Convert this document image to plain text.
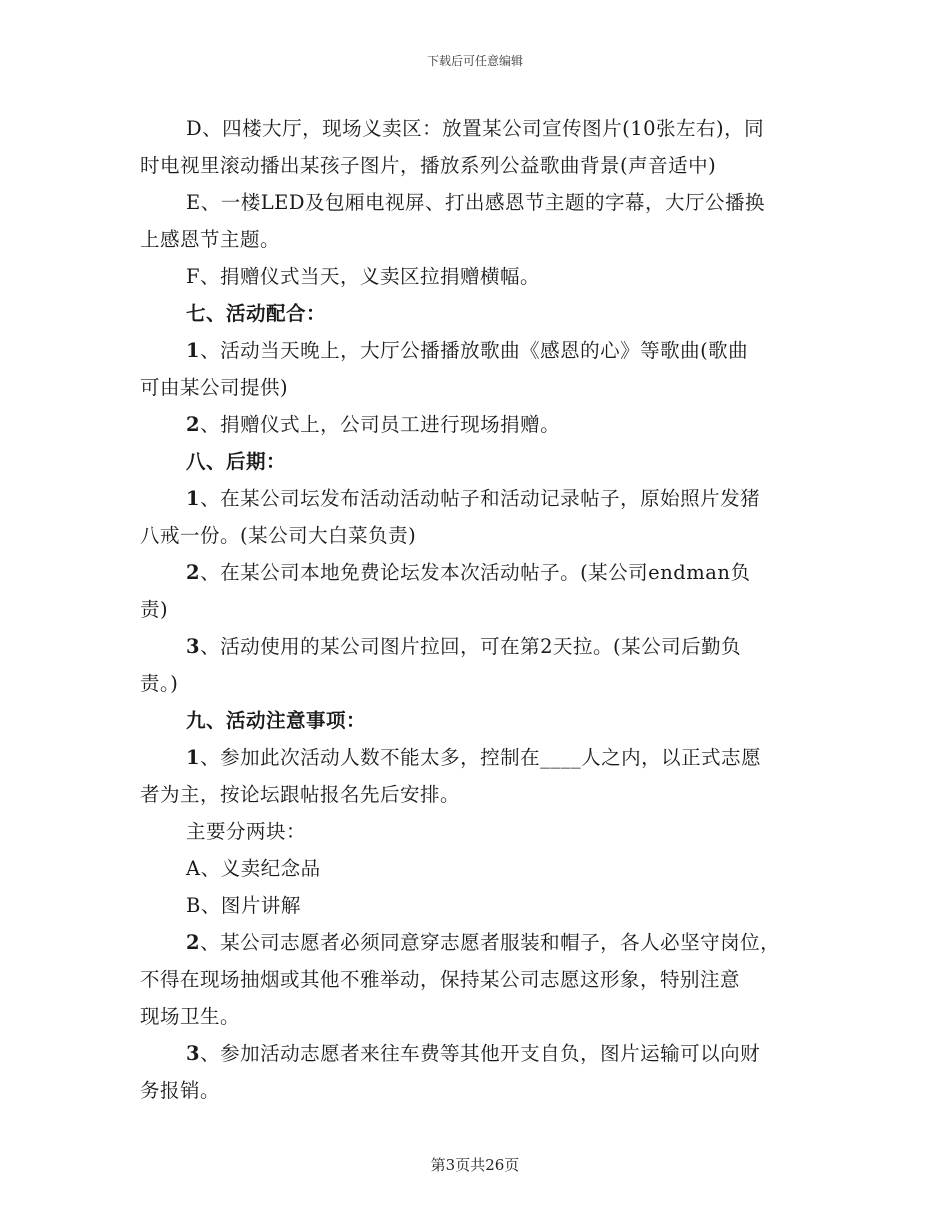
下载后可任意编辑
D、四楼大厅，现场义卖区：放置某公司宣传图片(10张左右)，同
时电视里滚动播出某孩子图片，播放系列公益歌曲背景(声音适中)
E、一楼LED及包厢电视屏、打出感恩节主题的字幕，大厅公播换
上感恩节主题。
F、捐赠仪式当天，义卖区拉捐赠横幅。
七、活动配合：
1、活动当天晚上，大厅公播播放歌曲《感恩的心》等歌曲(歌曲
可由某公司提供)
2、捐赠仪式上，公司员工进行现场捐赠。
八、后期：
1、在某公司坛发布活动活动帖子和活动记录帖子，原始照片发猪
八戒一份。(某公司大白菜负责)
2、在某公司本地免费论坛发本次活动帖子。(某公司endman负
责)
3、活动使用的某公司图片拉回，可在第2天拉。(某公司后勤负
责。)
九、活动注意事项：
1、参加此次活动人数不能太多，控制在____人之内，以正式志愿
者为主，按论坛跟帖报名先后安排。
主要分两块：
A、义卖纪念品
B、图片讲解
2、某公司志愿者必须同意穿志愿者服装和帽子，各人必坚守岗位，
不得在现场抽烟或其他不雅举动，保持某公司志愿这形象，特别注意
现场卫生。
3、参加活动志愿者来往车费等其他开支自负，图片运输可以向财
务报销。
第3页共26页
